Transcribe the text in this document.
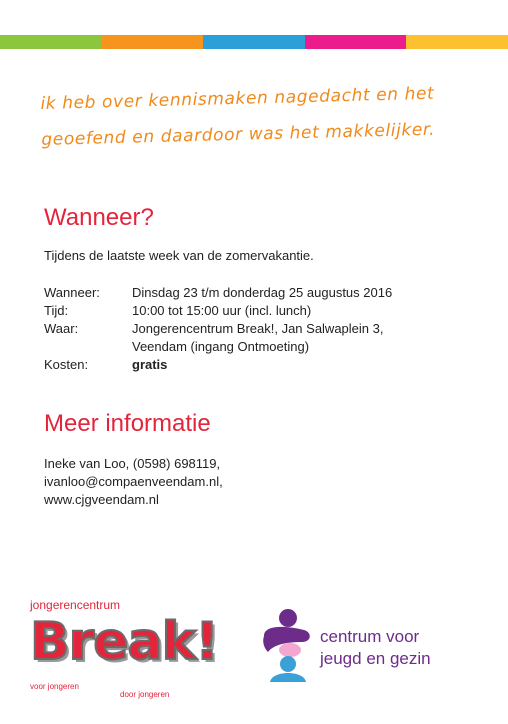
ik heb over kennismaken nagedacht en het
geoefend en daardoor was het makkelijker.
Wanneer?
Tijdens de laatste week van de zomervakantie.
Wanneer:	Dinsdag 23 t/m donderdag 25 augustus 2016
Tijd:	10:00 tot 15:00 uur (incl. lunch)
Waar:	Jongerencentrum Break!, Jan Salwaplein 3,
Veendam (ingang Ontmoeting)
Kosten:	gratis
Meer informatie
Ineke van Loo, (0598) 698119,
ivanloo@compaenveendam.nl,
www.cjgveendam.nl
jongerencentrum
Break!
voor jongeren
door jongeren
centrum voor
jeugd en gezin
